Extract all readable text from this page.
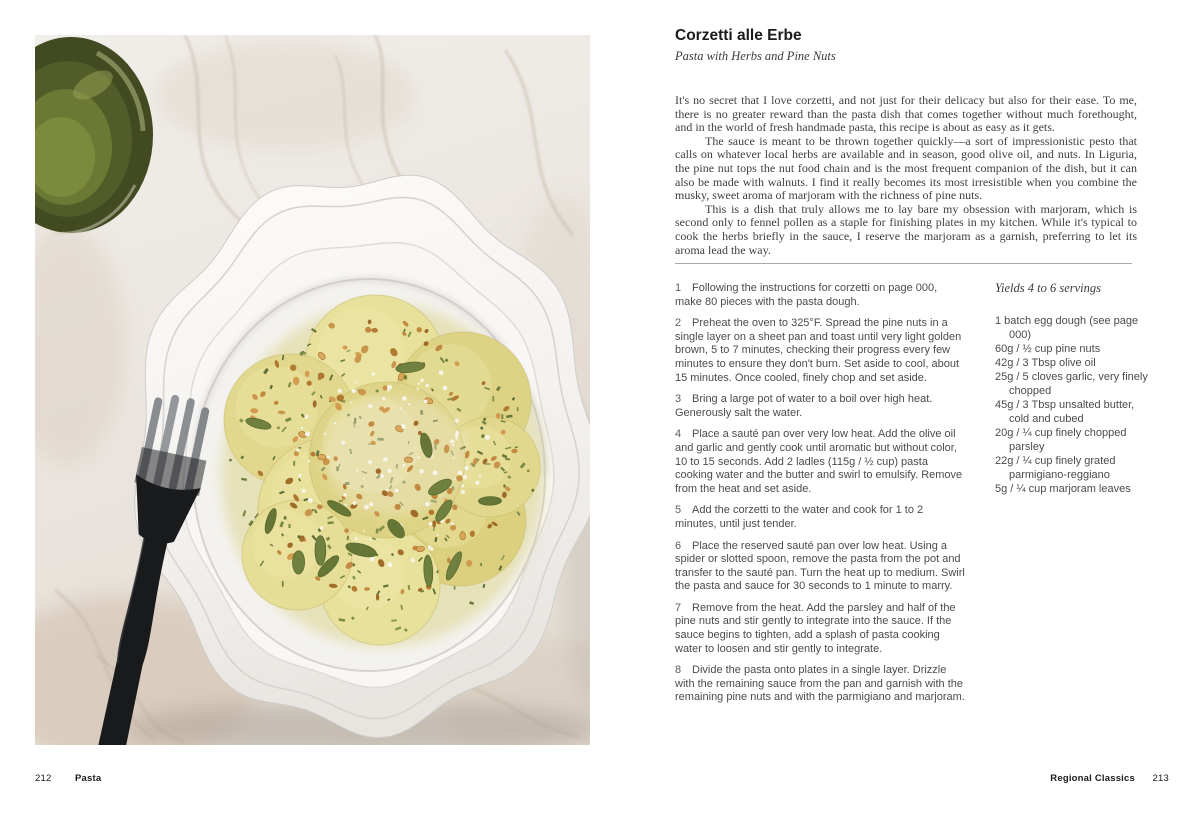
212 Pasta
Corzetti alle Erbe
Pasta with Herbs and Pine Nuts

It's no secret that I love corzetti, and not just for their delicacy but also for their ease. To me, there is no greater reward than the pasta dish that comes together without much forethought, and in the world of fresh handmade pasta, this recipe is about as easy as it gets.

The sauce is meant to be thrown together quickly—a sort of impressionistic pesto that calls on whatever local herbs are available and in season, good olive oil, and nuts. In Liguria, the pine nut tops the nut food chain and is the most frequent companion of the dish, but it can also be made with walnuts. I find it really becomes its most irresistible when you combine the musky, sweet aroma of marjoram with the richness of pine nuts.

This is a dish that truly allows me to lay bare my obsession with marjoram, which is second only to fennel pollen as a staple for finishing plates in my kitchen. While it's typical to cook the herbs briefly in the sauce, I reserve the marjoram as a garnish, preferring to let its aroma lead the way.

1 Following the instructions for corzetti on page 000, make 80 pieces with the pasta dough.
2 Preheat the oven to 325°F. Spread the pine nuts in a single layer on a sheet pan and toast until very light golden brown, 5 to 7 minutes, checking their progress every few minutes to ensure they don't burn. Set aside to cool, about 15 minutes. Once cooled, finely chop and set aside.
3 Bring a large pot of water to a boil over high heat. Generously salt the water.
4 Place a sauté pan over very low heat. Add the olive oil and garlic and gently cook until aromatic but without color, 10 to 15 seconds. Add 2 ladles (115g / ½ cup) pasta cooking water and the butter and swirl to emulsify. Remove from the heat and set aside.
5 Add the corzetti to the water and cook for 1 to 2 minutes, until just tender.
6 Place the reserved sauté pan over low heat. Using a spider or slotted spoon, remove the pasta from the pot and transfer to the sauté pan. Turn the heat up to medium. Swirl the pasta and sauce for 30 seconds to 1 minute to marry.
7 Remove from the heat. Add the parsley and half of the pine nuts and stir gently to integrate into the sauce. If the sauce begins to tighten, add a splash of pasta cooking water to loosen and stir gently to integrate.
8 Divide the pasta onto plates in a single layer. Drizzle with the remaining sauce from the pan and garnish with the remaining pine nuts and with the parmigiano and marjoram.
Yields 4 to 6 servings
1 batch egg dough (see page 000)
60g / ½ cup pine nuts
42g / 3 Tbsp olive oil
25g / 5 cloves garlic, very finely chopped
45g / 3 Tbsp unsalted butter, cold and cubed
20g / ¼ cup finely chopped parsley
22g / ¼ cup finely grated parmigiano-reggiano
5g / ¼ cup marjoram leaves
Regional Classics	213
